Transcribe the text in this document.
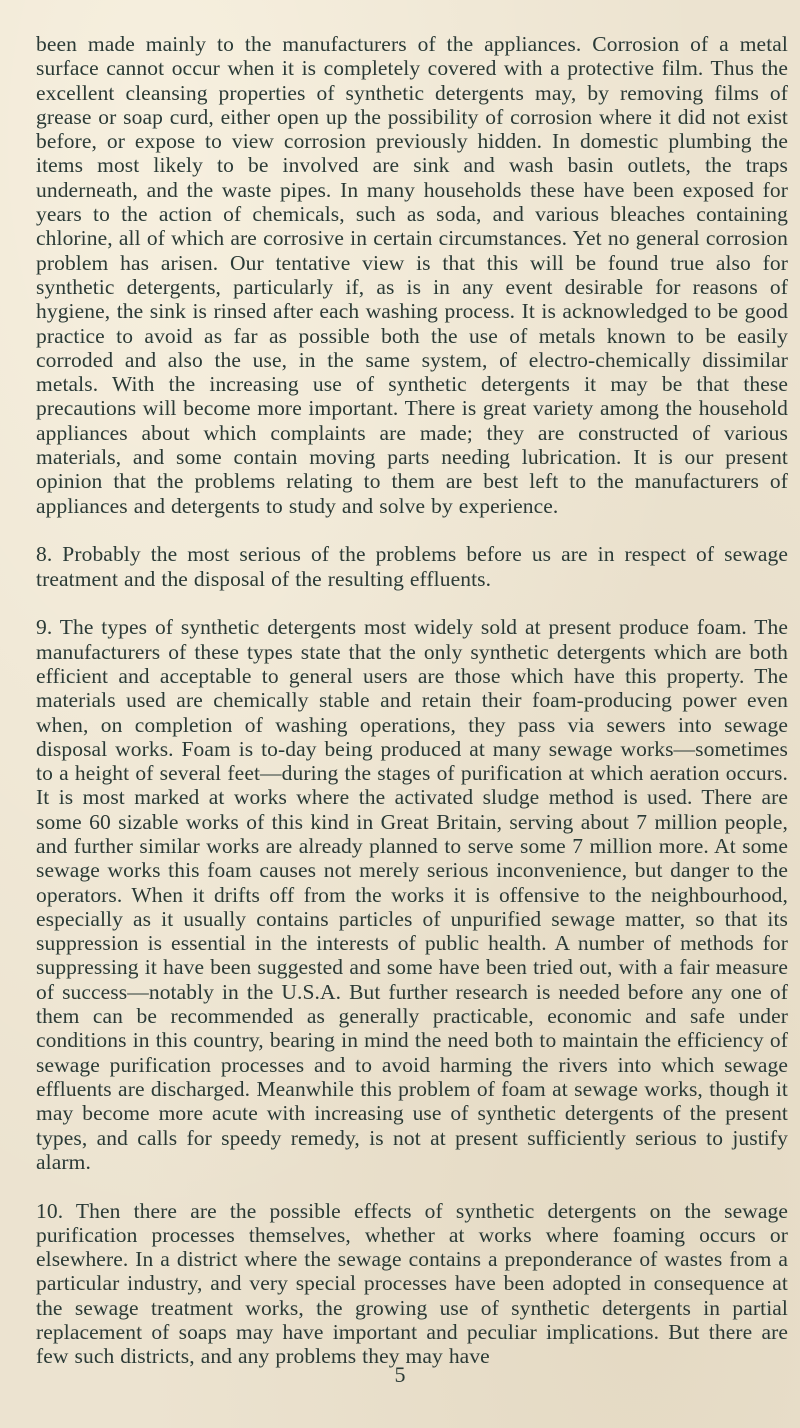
been made mainly to the manufacturers of the appliances. Corrosion of a metal surface cannot occur when it is completely covered with a protective film. Thus the excellent cleansing properties of synthetic detergents may, by removing films of grease or soap curd, either open up the possibility of corrosion where it did not exist before, or expose to view corrosion previously hidden. In domestic plumbing the items most likely to be involved are sink and wash basin outlets, the traps underneath, and the waste pipes. In many households these have been exposed for years to the action of chemicals, such as soda, and various bleaches containing chlorine, all of which are corrosive in certain circumstances. Yet no general corrosion problem has arisen. Our tentative view is that this will be found true also for synthetic detergents, particularly if, as is in any event desirable for reasons of hygiene, the sink is rinsed after each washing process. It is acknowledged to be good practice to avoid as far as possible both the use of metals known to be easily corroded and also the use, in the same system, of electro-chemically dissimilar metals. With the increasing use of synthetic detergents it may be that these precautions will become more important. There is great variety among the household appliances about which complaints are made; they are constructed of various materials, and some contain moving parts needing lubrication. It is our present opinion that the problems relating to them are best left to the manufacturers of appliances and detergents to study and solve by experience.

8. Probably the most serious of the problems before us are in respect of sewage treatment and the disposal of the resulting effluents.

9. The types of synthetic detergents most widely sold at present produce foam. The manufacturers of these types state that the only synthetic detergents which are both efficient and acceptable to general users are those which have this property. The materials used are chemically stable and retain their foam-producing power even when, on completion of washing operations, they pass via sewers into sewage disposal works. Foam is to-day being produced at many sewage works—sometimes to a height of several feet—during the stages of purification at which aeration occurs. It is most marked at works where the activated sludge method is used. There are some 60 sizable works of this kind in Great Britain, serving about 7 million people, and further similar works are already planned to serve some 7 million more. At some sewage works this foam causes not merely serious inconvenience, but danger to the operators. When it drifts off from the works it is offensive to the neighbourhood, especially as it usually contains particles of unpurified sewage matter, so that its suppression is essential in the interests of public health. A number of methods for suppressing it have been suggested and some have been tried out, with a fair measure of success—notably in the U.S.A. But further research is needed before any one of them can be recommended as generally practicable, economic and safe under conditions in this country, bearing in mind the need both to maintain the efficiency of sewage purification processes and to avoid harming the rivers into which sewage effluents are discharged. Meanwhile this problem of foam at sewage works, though it may become more acute with increasing use of synthetic detergents of the present types, and calls for speedy remedy, is not at present sufficiently serious to justify alarm.

10. Then there are the possible effects of synthetic detergents on the sewage purification processes themselves, whether at works where foaming occurs or elsewhere. In a district where the sewage contains a preponderance of wastes from a particular industry, and very special processes have been adopted in consequence at the sewage treatment works, the growing use of synthetic detergents in partial replacement of soaps may have important and peculiar implications. But there are few such districts, and any problems they may have

5
